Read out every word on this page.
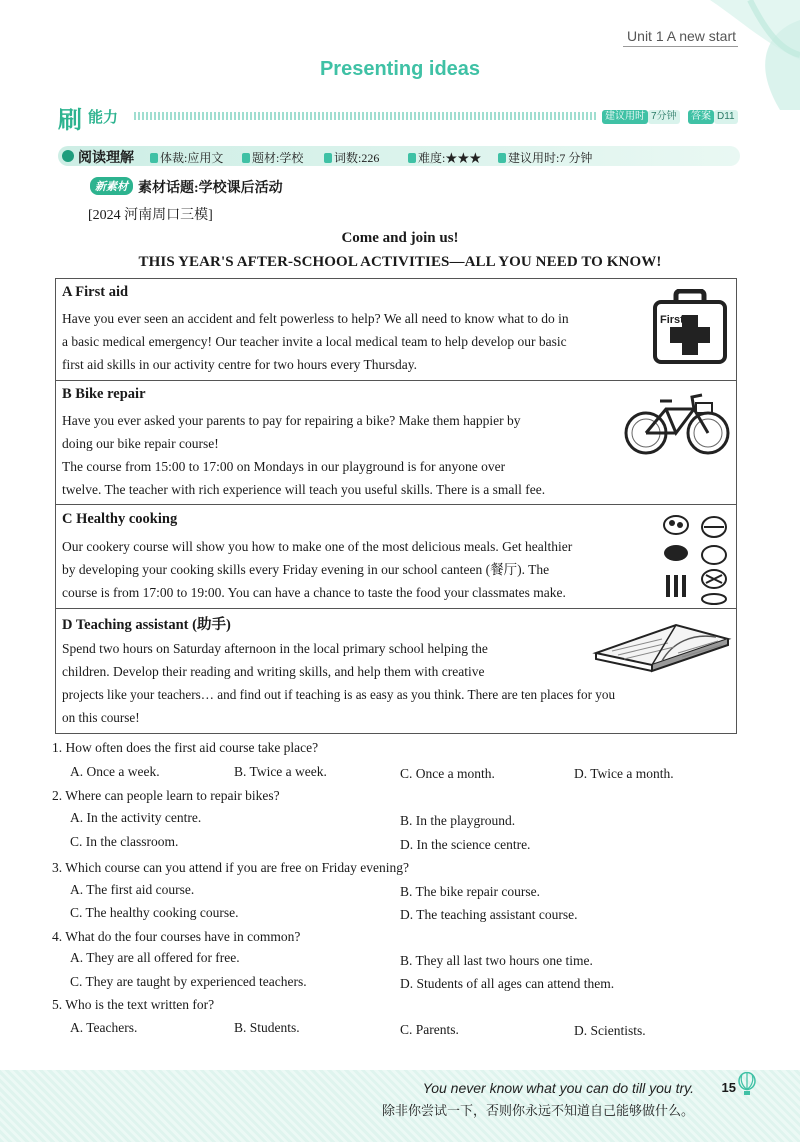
Unit 1 A new start
Presenting ideas
刷 能力	建议用时 7分钟	答案 D11
阅读理解	体裁:应用文	题材:学校	词数:226	难度:★★★	建议用时:7 分钟
新素材 素材话题:学校课后活动
[2024 河南周口三模]
Come and join us!
THIS YEAR'S AFTER-SCHOOL ACTIVITIES—ALL YOU NEED TO KNOW!
A First aid
Have you ever seen an accident and felt powerless to help? We all need to know what to do in
a basic medical emergency! Our teacher invite a local medical team to help develop our basic
first aid skills in our activity centre for two hours every Thursday.
First
Aid
B Bike repair
Have you ever asked your parents to pay for repairing a bike? Make them happier by
doing our bike repair course!
The course from 15:00 to 17:00 on Mondays in our playground is for anyone over
twelve. The teacher with rich experience will teach you useful skills. There is a small fee.
C Healthy cooking
Our cookery course will show you how to make one of the most delicious meals. Get healthier
by developing your cooking skills every Friday evening in our school canteen (餐厅). The
course is from 17:00 to 19:00. You can have a chance to taste the food your classmates make.
D Teaching assistant (助手)
Spend two hours on Saturday afternoon in the local primary school helping the
children. Develop their reading and writing skills, and help them with creative
projects like your teachers… and find out if teaching is as easy as you think. There are ten places for you
on this course!
1. How often does the first aid course take place?
A. Once a week.	B. Twice a week.	C. Once a month.	D. Twice a month.
2. Where can people learn to repair bikes?
A. In the activity centre.	B. In the playground.
C. In the classroom.	D. In the science centre.
3. Which course can you attend if you are free on Friday evening?
A. The first aid course.	B. The bike repair course.
C. The healthy cooking course.	D. The teaching assistant course.
4. What do the four courses have in common?
A. They are all offered for free.	B. They all last two hours one time.
C. They are taught by experienced teachers.	D. Students of all ages can attend them.
5. Who is the text written for?
A. Teachers.	B. Students.	C. Parents.	D. Scientists.
You never know what you can do till you try.
除非你尝试一下，否则你永远不知道自己能够做什么。
15
